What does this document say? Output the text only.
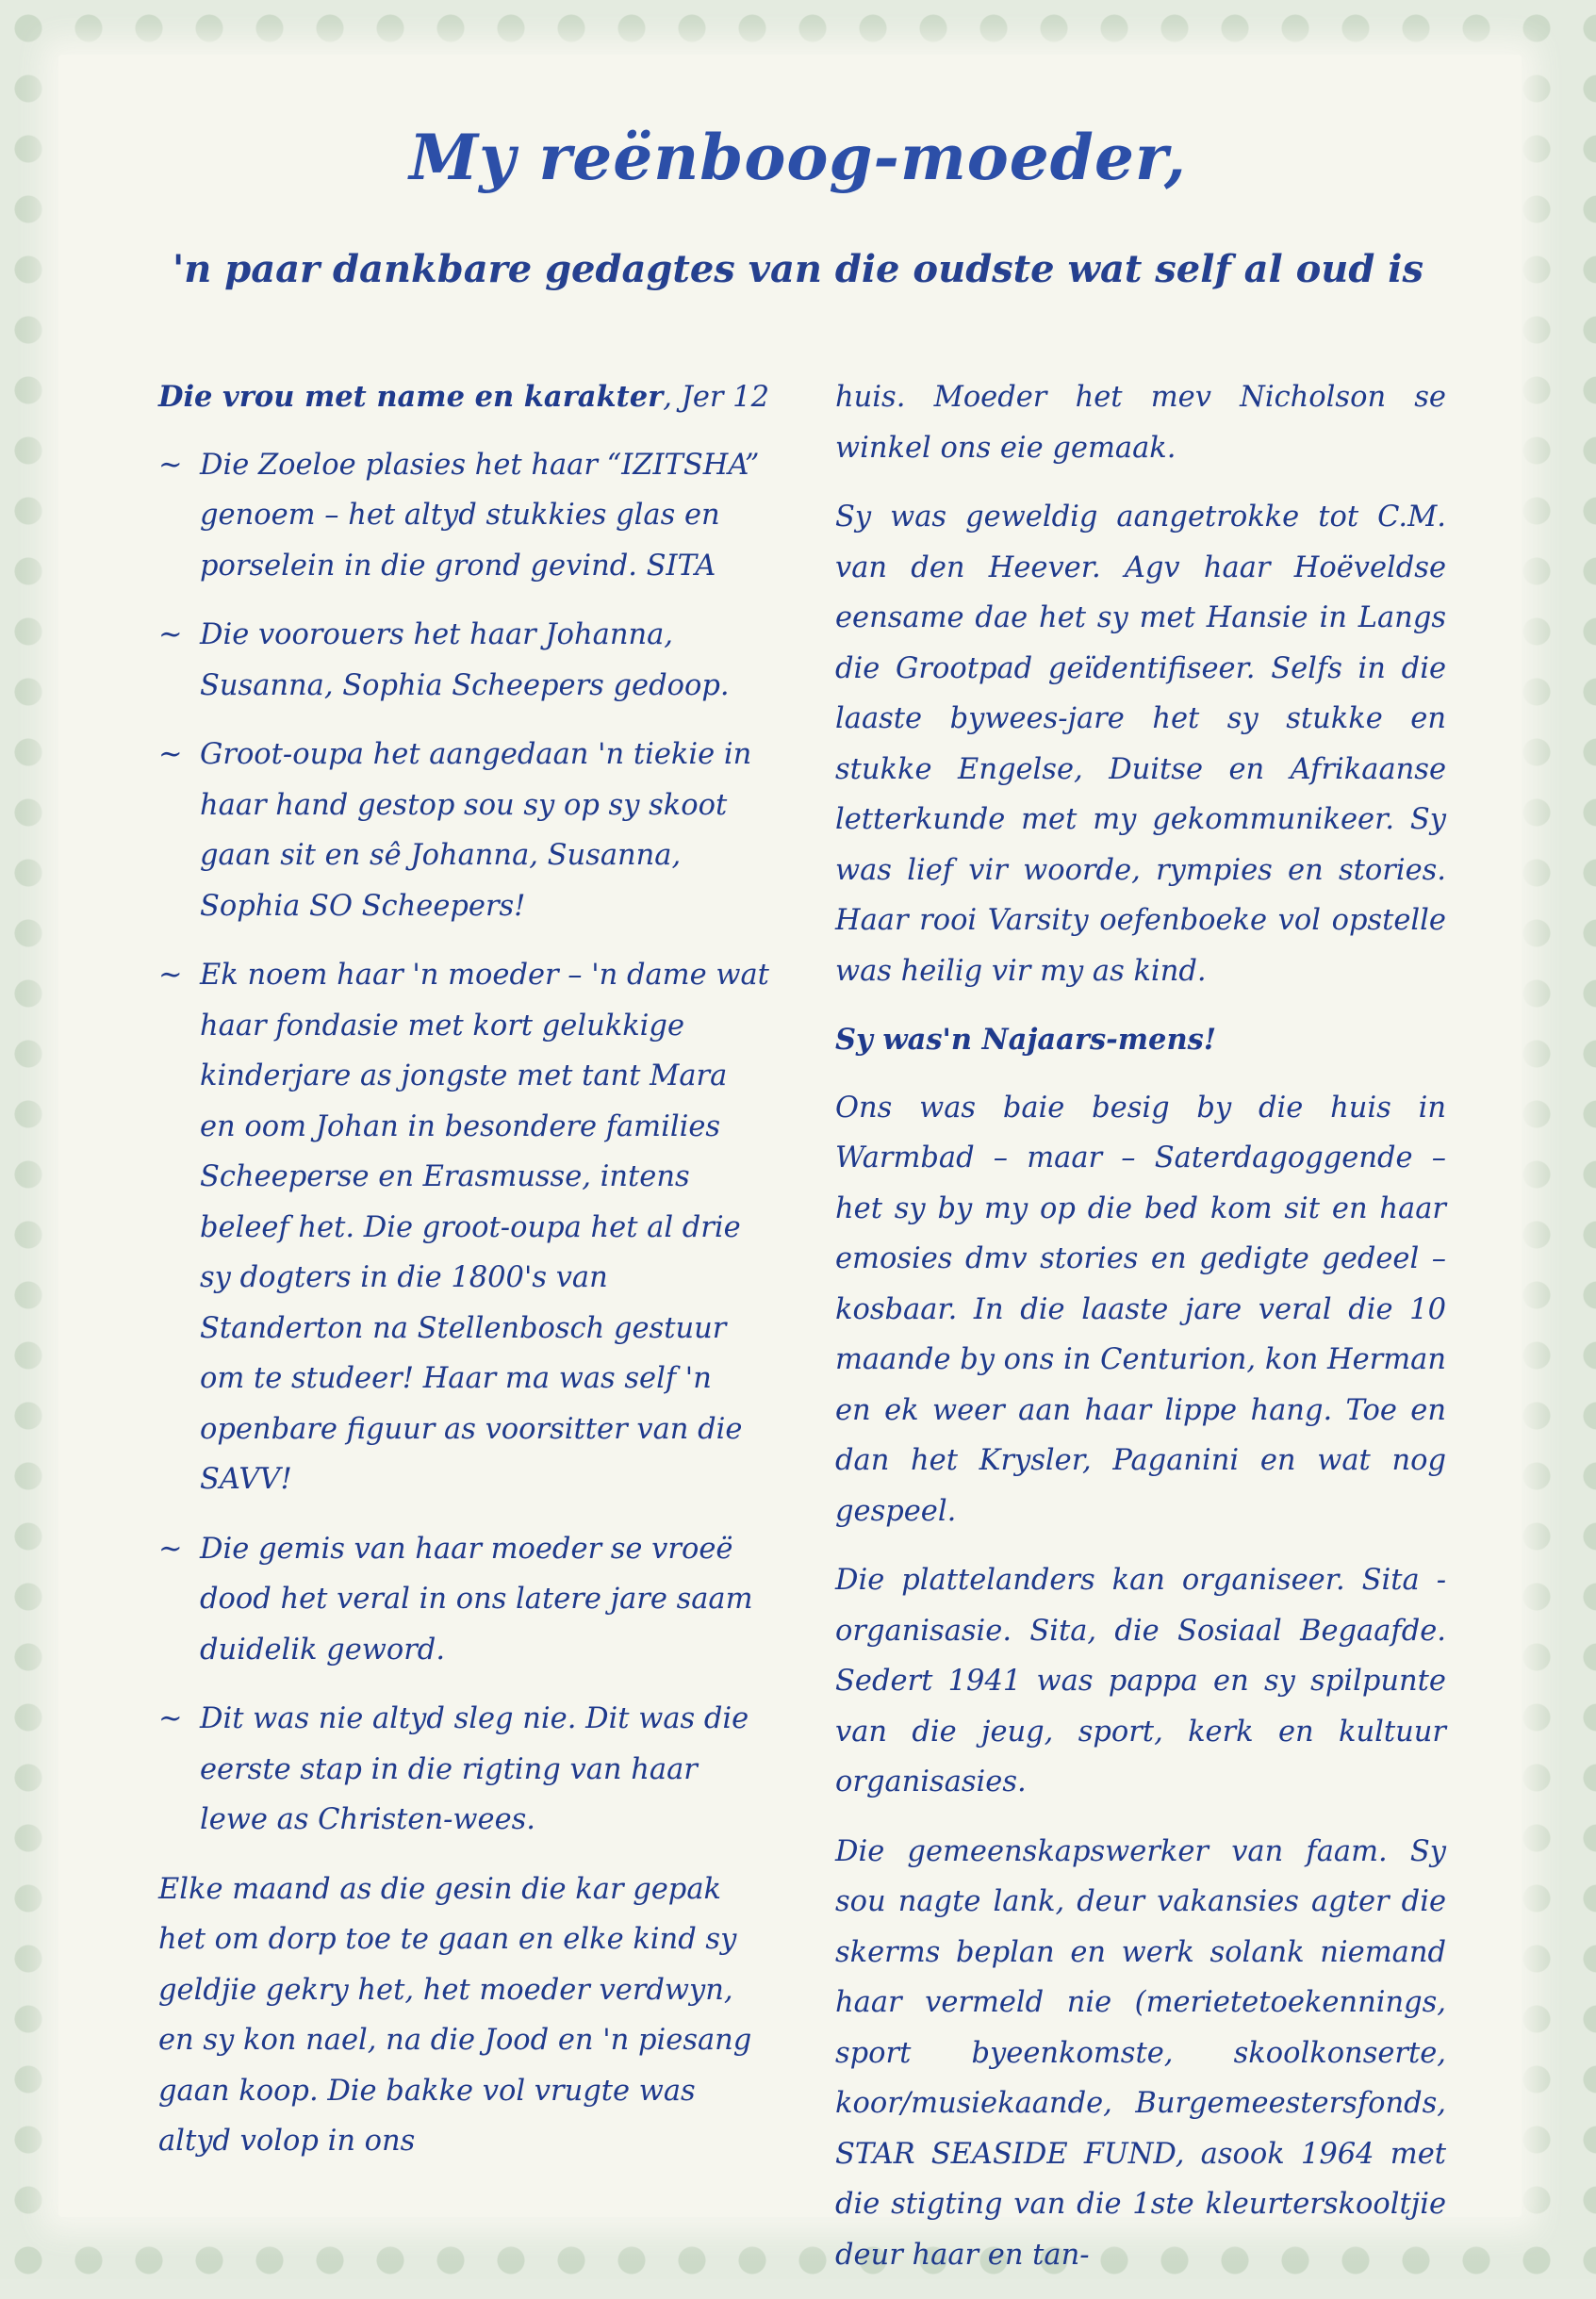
My reënboog-moeder,
'n paar dankbare gedagtes van die oudste wat self al oud is
Die vrou met name en karakter, Jer 12
~ Die Zoeloe plasies het haar “IZITSHA” genoem – het altyd stukkies glas en porselein in die grond gevind. SITA
~ Die voorouers het haar Johanna, Susanna, Sophia Scheepers gedoop.
~ Groot-oupa het aangedaan 'n tiekie in haar hand gestop sou sy op sy skoot gaan sit en sê Johanna, Susanna, Sophia SO Scheepers!
~ Ek noem haar 'n moeder – 'n dame wat haar fondasie met kort gelukkige kinderjare as jongste met tant Mara en oom Johan in besondere families Scheeperse en Erasmusse, intens beleef het. Die groot-oupa het al drie sy dogters in die 1800's van Standerton na Stellenbosch gestuur om te studeer! Haar ma was self 'n openbare figuur as voorsitter van die SAVV!
~ Die gemis van haar moeder se vroeë dood het veral in ons latere jare saam duidelik geword.
~ Dit was nie altyd sleg nie. Dit was die eerste stap in die rigting van haar lewe as Christen-wees.

Elke maand as die gesin die kar gepak het om dorp toe te gaan en elke kind sy geldjie gekry het, het moeder verdwyn, en sy kon nael, na die Jood en 'n piesang gaan koop. Die bakke vol vrugte was altyd volop in ons

huis. Moeder het mev Nicholson se winkel ons eie gemaak.

Sy was geweldig aangetrokke tot C.M. van den Heever. Agv haar Hoëveldse eensame dae het sy met Hansie in Langs die Grootpad geïdentifiseer. Selfs in die laaste bywees-jare het sy stukke en stukke Engelse, Duitse en Afrikaanse letterkunde met my gekommunikeer. Sy was lief vir woorde, rympies en stories. Haar rooi Varsity oefenboeke vol opstelle was heilig vir my as kind.

Sy was'n Najaars-mens!

Ons was baie besig by die huis in Warmbad – maar – Saterdagoggende – het sy by my op die bed kom sit en haar emosies dmv stories en gedigte gedeel – kosbaar. In die laaste jare veral die 10 maande by ons in Centurion, kon Herman en ek weer aan haar lippe hang. Toe en dan het Krysler, Paganini en wat nog gespeel.

Die plattelanders kan organiseer. Sita - organisasie. Sita, die Sosiaal Begaafde. Sedert 1941 was pappa en sy spilpunte van die jeug, sport, kerk en kultuur organisasies.

Die gemeenskapswerker van faam. Sy sou nagte lank, deur vakansies agter die skerms beplan en werk solank niemand haar vermeld nie (merietetoekennings, sport byeenkomste, skoolkonserte, koor/musiekaande, Burgemeestersfonds, STAR SEASIDE FUND, asook 1964 met die stigting van die 1ste kleurterskooltjie deur haar en tan-
